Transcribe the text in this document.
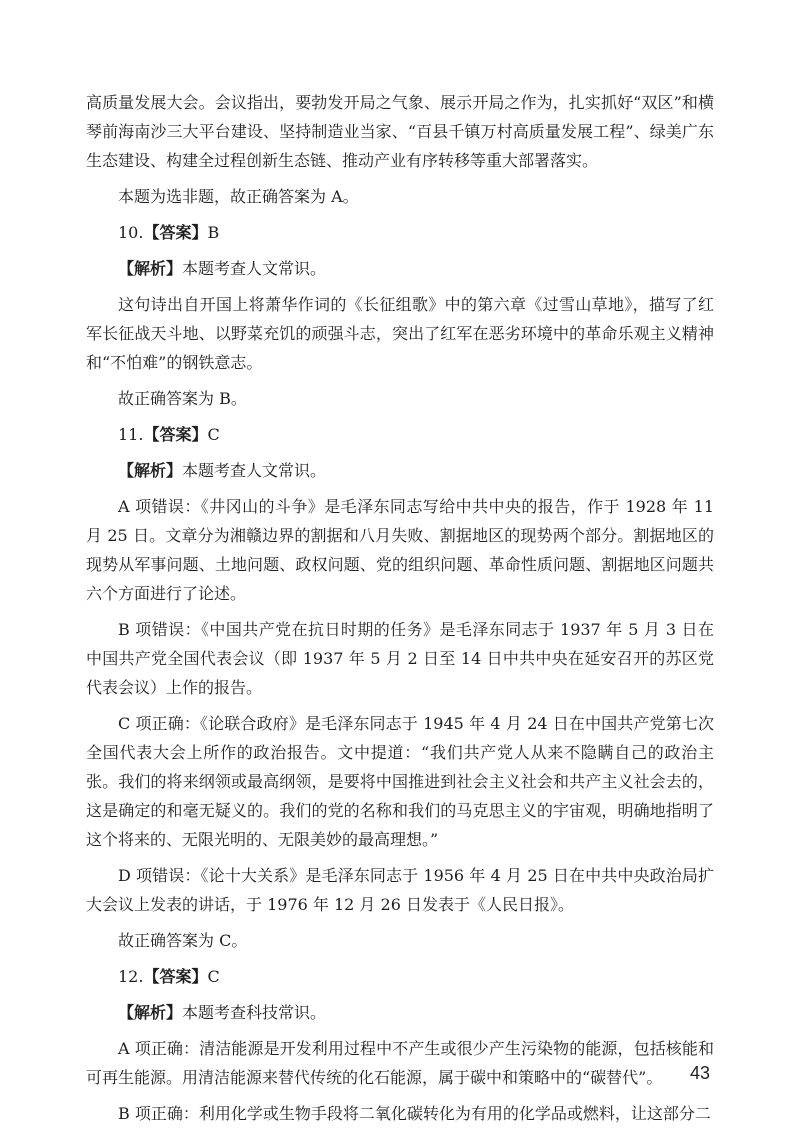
高质量发展大会。会议指出，要勃发开局之气象、展示开局之作为，扎实抓好“双区”和横琴前海南沙三大平台建设、坚持制造业当家、“百县千镇万村高质量发展工程”、绿美广东生态建设、构建全过程创新生态链、推动产业有序转移等重大部署落实。

本题为选非题，故正确答案为 A。

10.【答案】B

【解析】本题考查人文常识。

这句诗出自开国上将萧华作词的《长征组歌》中的第六章《过雪山草地》，描写了红军长征战天斗地、以野菜充饥的顽强斗志，突出了红军在恶劣环境中的革命乐观主义精神和“不怕难”的钢铁意志。

故正确答案为 B。

11.【答案】C

【解析】本题考查人文常识。

A 项错误：《井冈山的斗争》是毛泽东同志写给中共中央的报告，作于 1928 年 11 月 25 日。文章分为湘赣边界的割据和八月失败、割据地区的现势两个部分。割据地区的现势从军事问题、土地问题、政权问题、党的组织问题、革命性质问题、割据地区问题共六个方面进行了论述。

B 项错误：《中国共产党在抗日时期的任务》是毛泽东同志于 1937 年 5 月 3 日在中国共产党全国代表会议（即 1937 年 5 月 2 日至 14 日中共中央在延安召开的苏区党代表会议）上作的报告。

C 项正确：《论联合政府》是毛泽东同志于 1945 年 4 月 24 日在中国共产党第七次全国代表大会上所作的政治报告。文中提道：“我们共产党人从来不隐瞒自己的政治主张。我们的将来纲领或最高纲领，是要将中国推进到社会主义社会和共产主义社会去的，这是确定的和毫无疑义的。我们的党的名称和我们的马克思主义的宇宙观，明确地指明了这个将来的、无限光明的、无限美妙的最高理想。”

D 项错误：《论十大关系》是毛泽东同志于 1956 年 4 月 25 日在中共中央政治局扩大会议上发表的讲话，于 1976 年 12 月 26 日发表于《人民日报》。

故正确答案为 C。

12.【答案】C

【解析】本题考查科技常识。

A 项正确：清洁能源是开发利用过程中不产生或很少产生污染物的能源，包括核能和可再生能源。用清洁能源来替代传统的化石能源，属于碳中和策略中的“碳替代”。

B 项正确：利用化学或生物手段将二氧化碳转化为有用的化学品或燃料，让这部分二

43
